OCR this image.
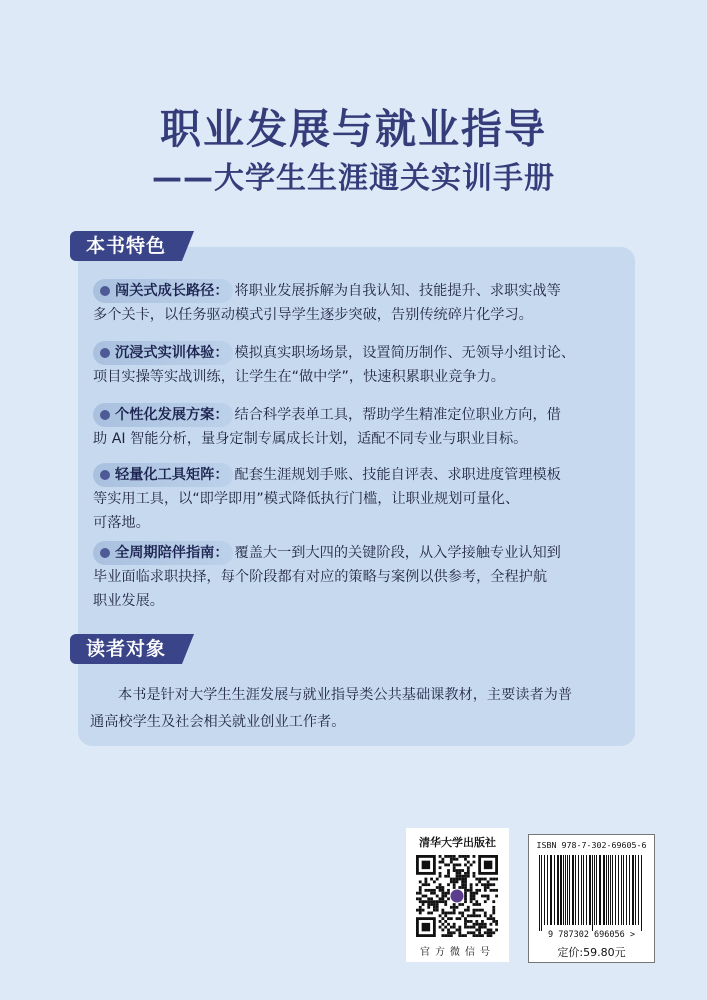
职业发展与就业指导
——大学生生涯通关实训手册
本书特色
闯关式成长路径： 将职业发展拆解为自我认知、技能提升、求职实战等
多个关卡，以任务驱动模式引导学生逐步突破，告别传统碎片化学习。
沉浸式实训体验： 模拟真实职场场景，设置简历制作、无领导小组讨论、
项目实操等实战训练，让学生在“做中学”，快速积累职业竞争力。
个性化发展方案： 结合科学表单工具，帮助学生精准定位职业方向，借
助 AI 智能分析，量身定制专属成长计划，适配不同专业与职业目标。
轻量化工具矩阵： 配套生涯规划手账、技能自评表、求职进度管理模板
等实用工具，以“即学即用”模式降低执行门槛，让职业规划可量化、
可落地。
全周期陪伴指南： 覆盖大一到大四的关键阶段，从入学接触专业认知到
毕业面临求职抉择，每个阶段都有对应的策略与案例以供参考，全程护航
职业发展。
读者对象
本书是针对大学生生涯发展与就业指导类公共基础课教材，主要读者为普
通高校学生及社会相关就业创业工作者。
清华大学出版社
官方微信号
ISBN 978-7-302-69605-6
9 787302 696056 >
定价:59.80元
